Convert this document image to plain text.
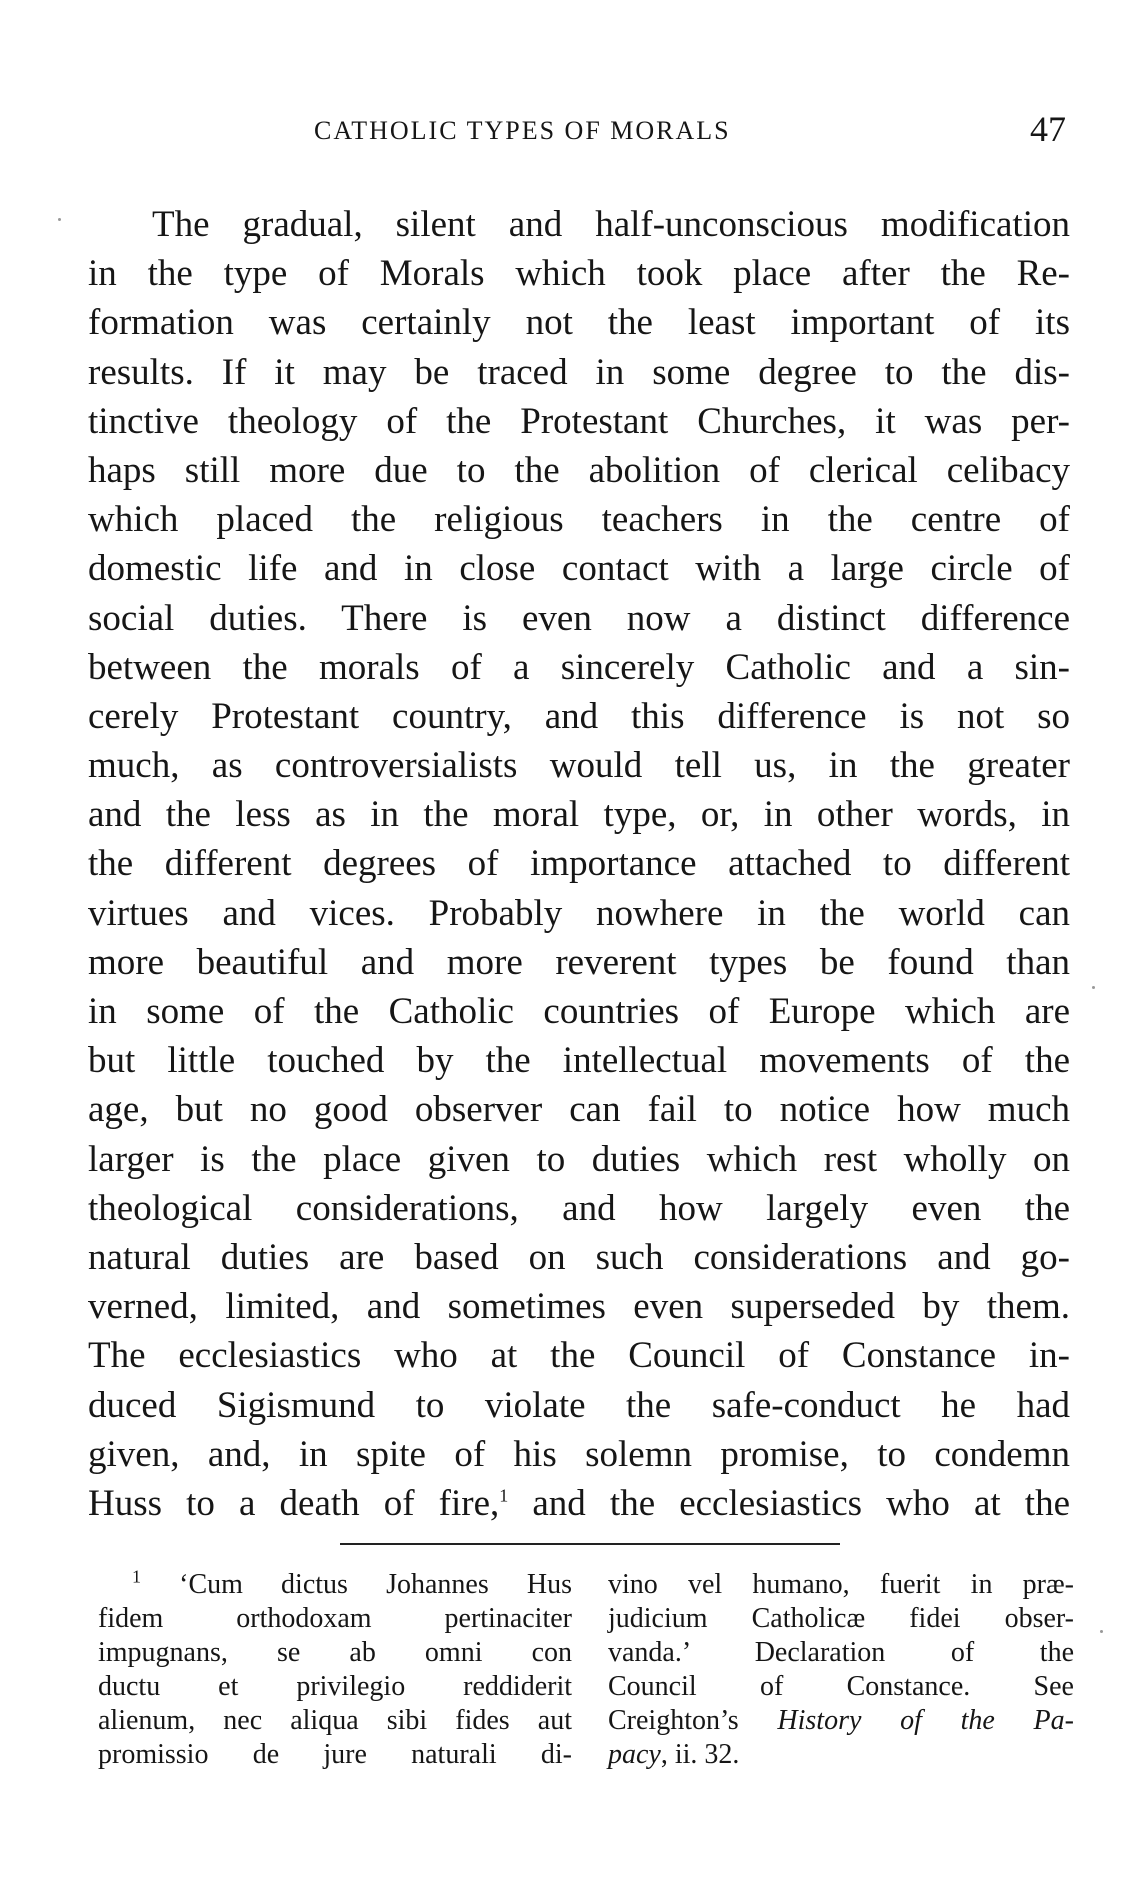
CATHOLIC TYPES OF MORALS	47
The gradual, silent and half-unconscious modification
in the type of Morals which took place after the Re-
formation was certainly not the least important of its
results. If it may be traced in some degree to the dis-
tinctive theology of the Protestant Churches, it was per-
haps still more due to the abolition of clerical celibacy
which placed the religious teachers in the centre of
domestic life and in close contact with a large circle of
social duties. There is even now a distinct difference
between the morals of a sincerely Catholic and a sin-
cerely Protestant country, and this difference is not so
much, as controversialists would tell us, in the greater
and the less as in the moral type, or, in other words, in
the different degrees of importance attached to different
virtues and vices. Probably nowhere in the world can
more beautiful and more reverent types be found than
in some of the Catholic countries of Europe which are
but little touched by the intellectual movements of the
age, but no good observer can fail to notice how much
larger is the place given to duties which rest wholly on
theological considerations, and how largely even the
natural duties are based on such considerations and go-
verned, limited, and sometimes even superseded by them.
The ecclesiastics who at the Council of Constance in-
duced Sigismund to violate the safe-conduct he had
given, and, in spite of his solemn promise, to condemn
Huss to a death of fire,$^1$ and the ecclesiastics who at the
$^1$ ‘Cum dictus Johannes Hus
fidem orthodoxam pertinaciter
impugnans, se ab omni con
ductu et privilegio reddiderit
alienum, nec aliqua sibi fides aut
promissio de jure naturali di-
vino vel humano, fuerit in præ-
judicium Catholicæ fidei obser-
vanda.’ Declaration of the
Council of Constance. See
Creighton’s History of the Pa-
pacy, ii. 32.
